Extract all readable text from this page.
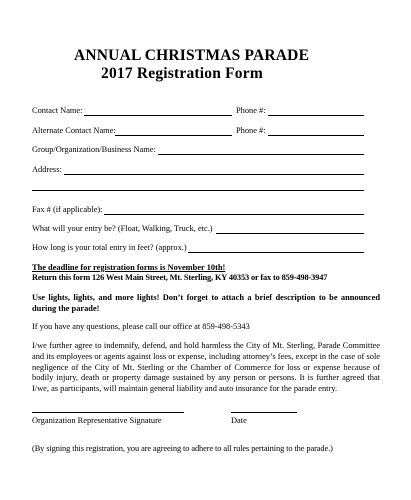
ANNUAL CHRISTMAS PARADE
2017 Registration Form
Contact Name:	Phone #:
Alternate Contact Name:	Phone #:
Group/Organization/Business Name:
Address:
Fax # (if applicable):
What will your entry be? (Float, Walking, Truck, etc.)
How long is your total entry in feet? (approx.)
The deadline for registration forms is November 10th!
Return this form 126 West Main Street, Mt. Sterling, KY 40353 or fax to 859-498-3947
Use lights, lights, and more lights! Don’t forget to attach a brief description to be announced during the parade!
If you have any questions, please call our office at 859-498-5343
I/we further agree to indemnify, defend, and hold harmless the City of Mt. Sterling, Parade Committee and its employees or agents against loss or expense, including attorney’s fees, except in the case of sole negligence of the City of Mt. Sterling or the Chamber of Commerce for loss or expense because of bodily injury, death or property damage sustained by any person or persons. It is further agreed that I/we, as participants, will maintain general liability and auto insurance for the parade entry.
Organization Representative Signature	Date
(By signing this registration, you are agreeing to adhere to all rules pertaining to the parade.)
